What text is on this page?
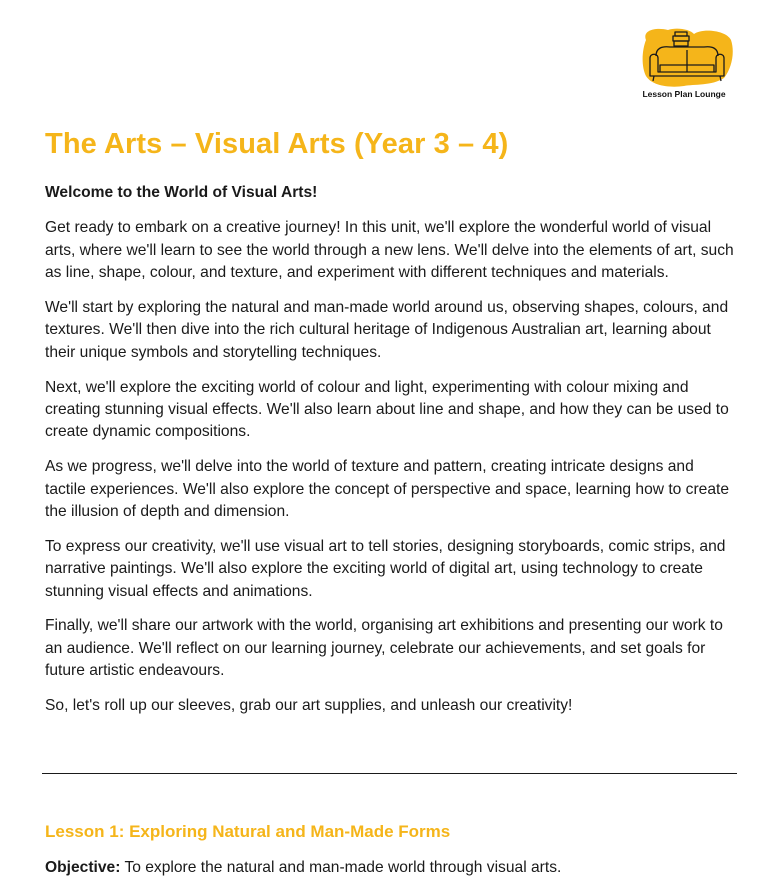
Lesson Plan Lounge
The Arts – Visual Arts (Year 3 – 4)

Welcome to the World of Visual Arts!

Get ready to embark on a creative journey! In this unit, we'll explore the wonderful world of visual arts, where we'll learn to see the world through a new lens. We'll delve into the elements of art, such as line, shape, colour, and texture, and experiment with different techniques and materials.

We'll start by exploring the natural and man-made world around us, observing shapes, colours, and textures. We'll then dive into the rich cultural heritage of Indigenous Australian art, learning about their unique symbols and storytelling techniques.

Next, we'll explore the exciting world of colour and light, experimenting with colour mixing and creating stunning visual effects. We'll also learn about line and shape, and how they can be used to create dynamic compositions.

As we progress, we'll delve into the world of texture and pattern, creating intricate designs and tactile experiences. We'll also explore the concept of perspective and space, learning how to create the illusion of depth and dimension.

To express our creativity, we'll use visual art to tell stories, designing storyboards, comic strips, and narrative paintings. We'll also explore the exciting world of digital art, using technology to create stunning visual effects and animations.

Finally, we'll share our artwork with the world, organising art exhibitions and presenting our work to an audience. We'll reflect on our learning journey, celebrate our achievements, and set goals for future artistic endeavours.

So, let's roll up our sleeves, grab our art supplies, and unleash our creativity!

Lesson 1: Exploring Natural and Man-Made Forms

Objective: To explore the natural and man-made world through visual arts.
